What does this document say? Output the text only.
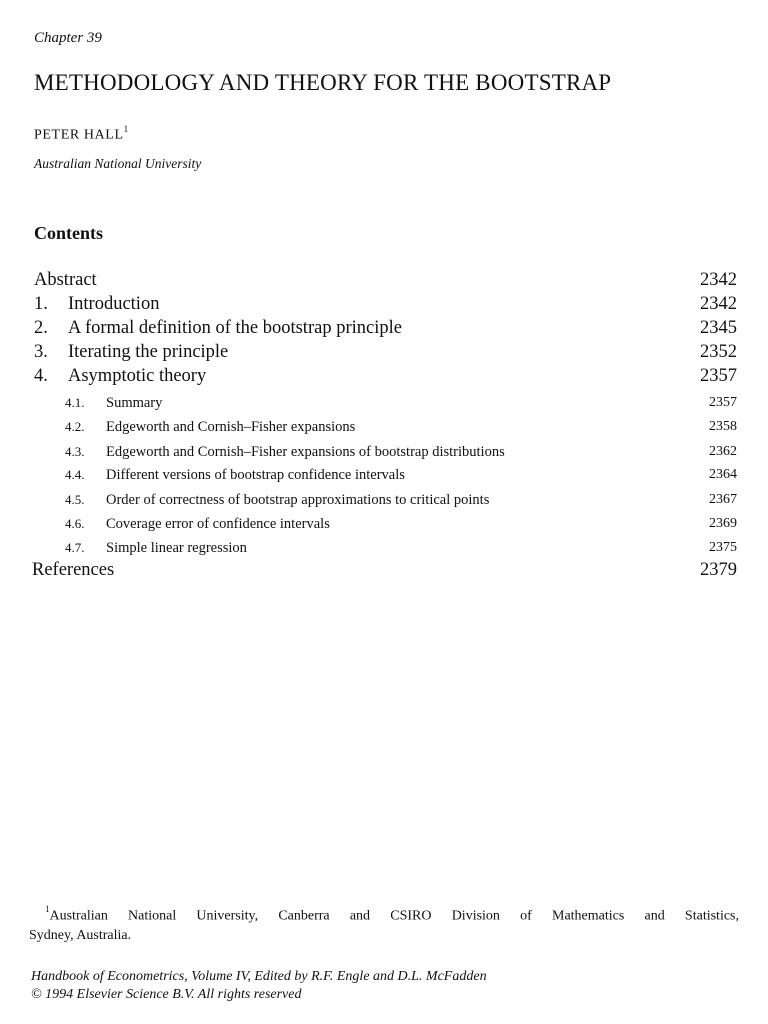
Chapter 39
METHODOLOGY AND THEORY FOR THE BOOTSTRAP
PETER HALL$^1$
Australian National University
Contents
Abstract	2342
1. Introduction	2342
2. A formal definition of the bootstrap principle	2345
3. Iterating the principle	2352
4. Asymptotic theory	2357
4.1. Summary	2357
4.2. Edgeworth and Cornish–Fisher expansions	2358
4.3. Edgeworth and Cornish–Fisher expansions of bootstrap distributions	2362
4.4. Different versions of bootstrap confidence intervals	2364
4.5. Order of correctness of bootstrap approximations to critical points	2367
4.6. Coverage error of confidence intervals	2369
4.7. Simple linear regression	2375
References	2379
$^1$Australian National University, Canberra and CSIRO Division of Mathematics and Statistics,
Sydney, Australia.
Handbook of Econometrics, Volume IV, Edited by R.F. Engle and D.L. McFadden
© 1994 Elsevier Science B.V. All rights reserved
